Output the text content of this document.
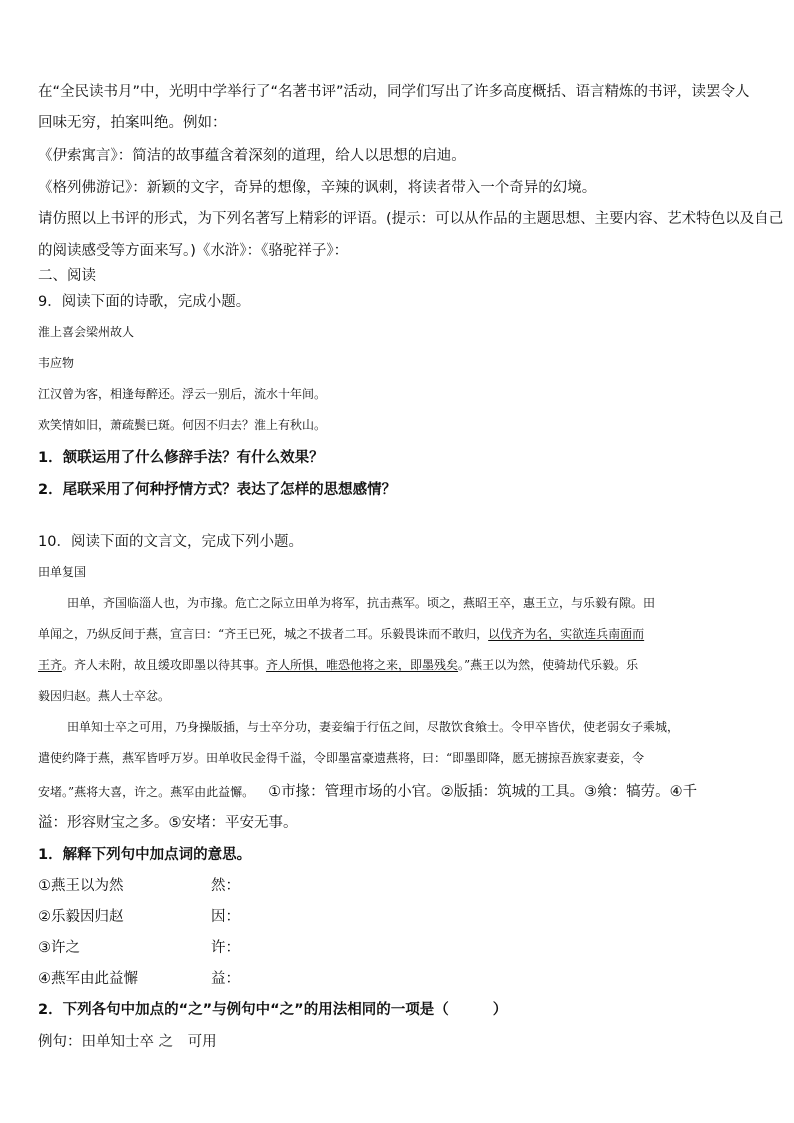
在“全民读书月”中，光明中学举行了“名著书评”活动，同学们写出了许多高度概括、语言精炼的书评，读罢令人
回味无穷，拍案叫绝。例如：
《伊索寓言》：简洁的故事蕴含着深刻的道理，给人以思想的启迪。
《格列佛游记》：新颖的文字，奇异的想像，辛辣的讽刺，将读者带入一个奇异的幻境。
请仿照以上书评的形式，为下列名著写上精彩的评语。(提示：可以从作品的主题思想、主要内容、艺术特色以及自己
的阅读感受等方面来写。)《水浒》：《骆驼祥子》：
二、阅读
9．阅读下面的诗歌，完成小题。
淮上喜会梁州故人
韦应物
江汉曾为客，相逢每醉还。浮云一别后，流水十年间。
欢笑情如旧，萧疏鬓已斑。何因不归去？淮上有秋山。
1．颔联运用了什么修辞手法？有什么效果？
2．尾联采用了何种抒情方式？表达了怎样的思想感情？
10．阅读下面的文言文，完成下列小题。
田单复国
田单，齐国临淄人也，为市掾。危亡之际立田单为将军，抗击燕军。顷之，燕昭王卒，惠王立，与乐毅有隙。田
单闻之，乃纵反间于燕，宣言曰：“齐王已死，城之不拔者二耳。乐毅畏诛而不敢归，以伐齐为名，实欲连兵南面而
王齐。齐人未附，故且缓攻即墨以待其事。齐人所惧，唯恐他将之来，即墨残矣。”燕王以为然，使骑劫代乐毅。乐
毅因归赵。燕人士卒忿。
田单知士卒之可用，乃身操版插，与士卒分功，妻妾编于行伍之间，尽散饮食飨士。令甲卒皆伏，使老弱女子乘城，
遣使约降于燕，燕军皆呼万岁。田单收民金得千溢，令即墨富豪遗燕将，曰：“即墨即降，愿无掳掠吾族家妻妾，令
安堵。”燕将大喜，许之。燕军由此益懈。 ①市掾：管理市场的小官。②版插：筑城的工具。③飨：犒劳。④千
溢：形容财宝之多。⑤安堵：平安无事。
1．解释下列句中加点词的意思。
①燕王以为然	然：
②乐毅因归赵	因：
③许之	许：
④燕军由此益懈	益：
2．下列各句中加点的“之”与例句中“之”的用法相同的一项是（	）
例句：田单知士卒 之　可用
